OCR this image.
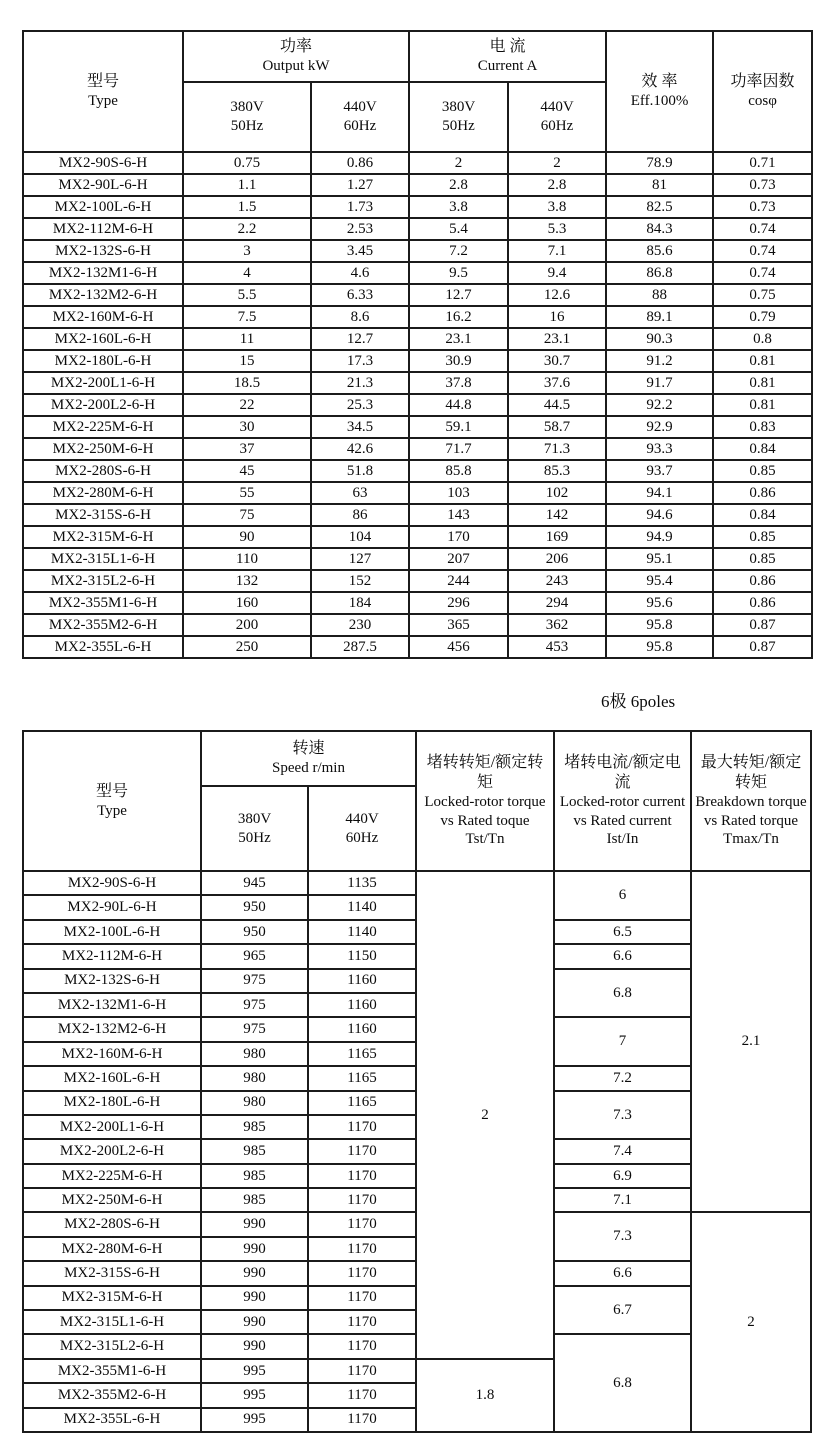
型号
Type

功率
Output kW

电 流
Current A

效 率
Eff.100%

功率因数
cosφ

380V
50Hz

440V
60Hz

380V
50Hz

440V
60Hz

MX2-90S-6-H	0.75	0.86	2	2	78.9	0.71
MX2-90L-6-H	1.1	1.27	2.8	2.8	81	0.73
MX2-100L-6-H	1.5	1.73	3.8	3.8	82.5	0.73
MX2-112M-6-H	2.2	2.53	5.4	5.3	84.3	0.74
MX2-132S-6-H	3	3.45	7.2	7.1	85.6	0.74
MX2-132M1-6-H	4	4.6	9.5	9.4	86.8	0.74
MX2-132M2-6-H	5.5	6.33	12.7	12.6	88	0.75
MX2-160M-6-H	7.5	8.6	16.2	16	89.1	0.79
MX2-160L-6-H	11	12.7	23.1	23.1	90.3	0.8
MX2-180L-6-H	15	17.3	30.9	30.7	91.2	0.81
MX2-200L1-6-H	18.5	21.3	37.8	37.6	91.7	0.81
MX2-200L2-6-H	22	25.3	44.8	44.5	92.2	0.81
MX2-225M-6-H	30	34.5	59.1	58.7	92.9	0.83
MX2-250M-6-H	37	42.6	71.7	71.3	93.3	0.84
MX2-280S-6-H	45	51.8	85.8	85.3	93.7	0.85
MX2-280M-6-H	55	63	103	102	94.1	0.86
MX2-315S-6-H	75	86	143	142	94.6	0.84
MX2-315M-6-H	90	104	170	169	94.9	0.85
MX2-315L1-6-H	110	127	207	206	95.1	0.85
MX2-315L2-6-H	132	152	244	243	95.4	0.86
MX2-355M1-6-H	160	184	296	294	95.6	0.86
MX2-355M2-6-H	200	230	365	362	95.8	0.87
MX2-355L-6-H	250	287.5	456	453	95.8	0.87
6极 6poles
型号
Type

转速
Speed r/min	堵转转矩/额定转矩
Locked-rotor torque vs Rated toque
Tst/Tn

堵转电流/额定电流
Locked-rotor current vs Rated current
Ist/In

最大转矩/额定转矩
Breakdown torque vs Rated torque
Tmax/Tn

380V
50Hz

440V
60Hz

MX2-90S-6-H	945	1135	2	6	2.1
MX2-90L-6-H	950	1140			
MX2-100L-6-H	950	1140		6.5	
MX2-112M-6-H	965	1150		6.6	
MX2-132S-6-H	975	1160		6.8	
MX2-132M1-6-H	975	1160			
MX2-132M2-6-H	975	1160		7	
MX2-160M-6-H	980	1165			
MX2-160L-6-H	980	1165		7.2	
MX2-180L-6-H	980	1165		7.3	
MX2-200L1-6-H	985	1170			
MX2-200L2-6-H	985	1170		7.4	
MX2-225M-6-H	985	1170		6.9	
MX2-250M-6-H	985	1170		7.1	
MX2-280S-6-H	990	1170		7.3	2
MX2-280M-6-H	990	1170			
MX2-315S-6-H	990	1170		6.6	
MX2-315M-6-H	990	1170		6.7	
MX2-315L1-6-H	990	1170			
MX2-315L2-6-H	990	1170		6.8	
MX2-355M1-6-H	995	1170	1.8		
MX2-355M2-6-H	995	1170			
MX2-355L-6-H	995	1170			
